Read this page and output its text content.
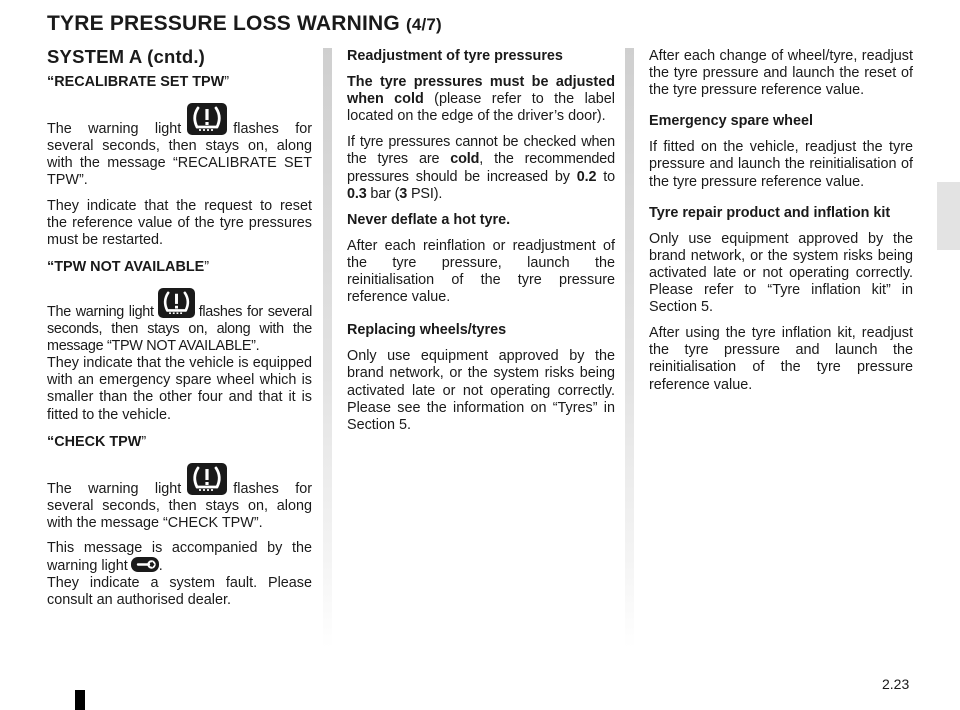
TYRE PRESSURE LOSS WARNING (4/7)

SYSTEM A (cntd.)

“RECALIBRATE SET TPW”

The warning light	flashes for several seconds, then stays on, along with the message “RECALIBRATE SET TPW”.

They indicate that the request to reset the reference value of the tyre pressures must be restarted.

“TPW NOT AVAILABLE”

The warning light	flashes for several seconds, then stays on, along with the message “TPW NOT AVAILABLE”.

They indicate that the vehicle is equipped with an emergency spare wheel which is smaller than the other four and that it is fitted to the vehicle.

“CHECK TPW”

The warning light	flashes for several seconds, then stays on, along with the message “CHECK TPW”.

This message is accompanied by the warning light .

They indicate a system fault. Please consult an authorised dealer.

Readjustment of tyre pressures

The tyre pressures must be adjusted when cold (please refer to the label located on the edge of the driver’s door).

If tyre pressures cannot be checked when the tyres are cold, the recommended pressures should be increased by 0.2 to 0.3 bar (3 PSI).

Never deflate a hot tyre.

After each reinflation or readjustment of the tyre pressure, launch the reinitialisation of the tyre pressure reference value.

Replacing wheels/tyres

Only use equipment approved by the brand network, or the system risks being activated late or not operating correctly. Please see the information on “Tyres” in Section 5.

After each change of wheel/tyre, readjust the tyre pressure and launch the reset of the tyre pressure reference value.

Emergency spare wheel

If fitted on the vehicle, readjust the tyre pressure and launch the reinitialisation of the tyre pressure reference value.

Tyre repair product and inflation kit

Only use equipment approved by the brand network, or the system risks being activated late or not operating correctly. Please refer to “Tyre inflation kit” in Section 5.

After using the tyre inflation kit, readjust the tyre pressure and launch the reinitialisation of the tyre pressure reference value.

2.23
